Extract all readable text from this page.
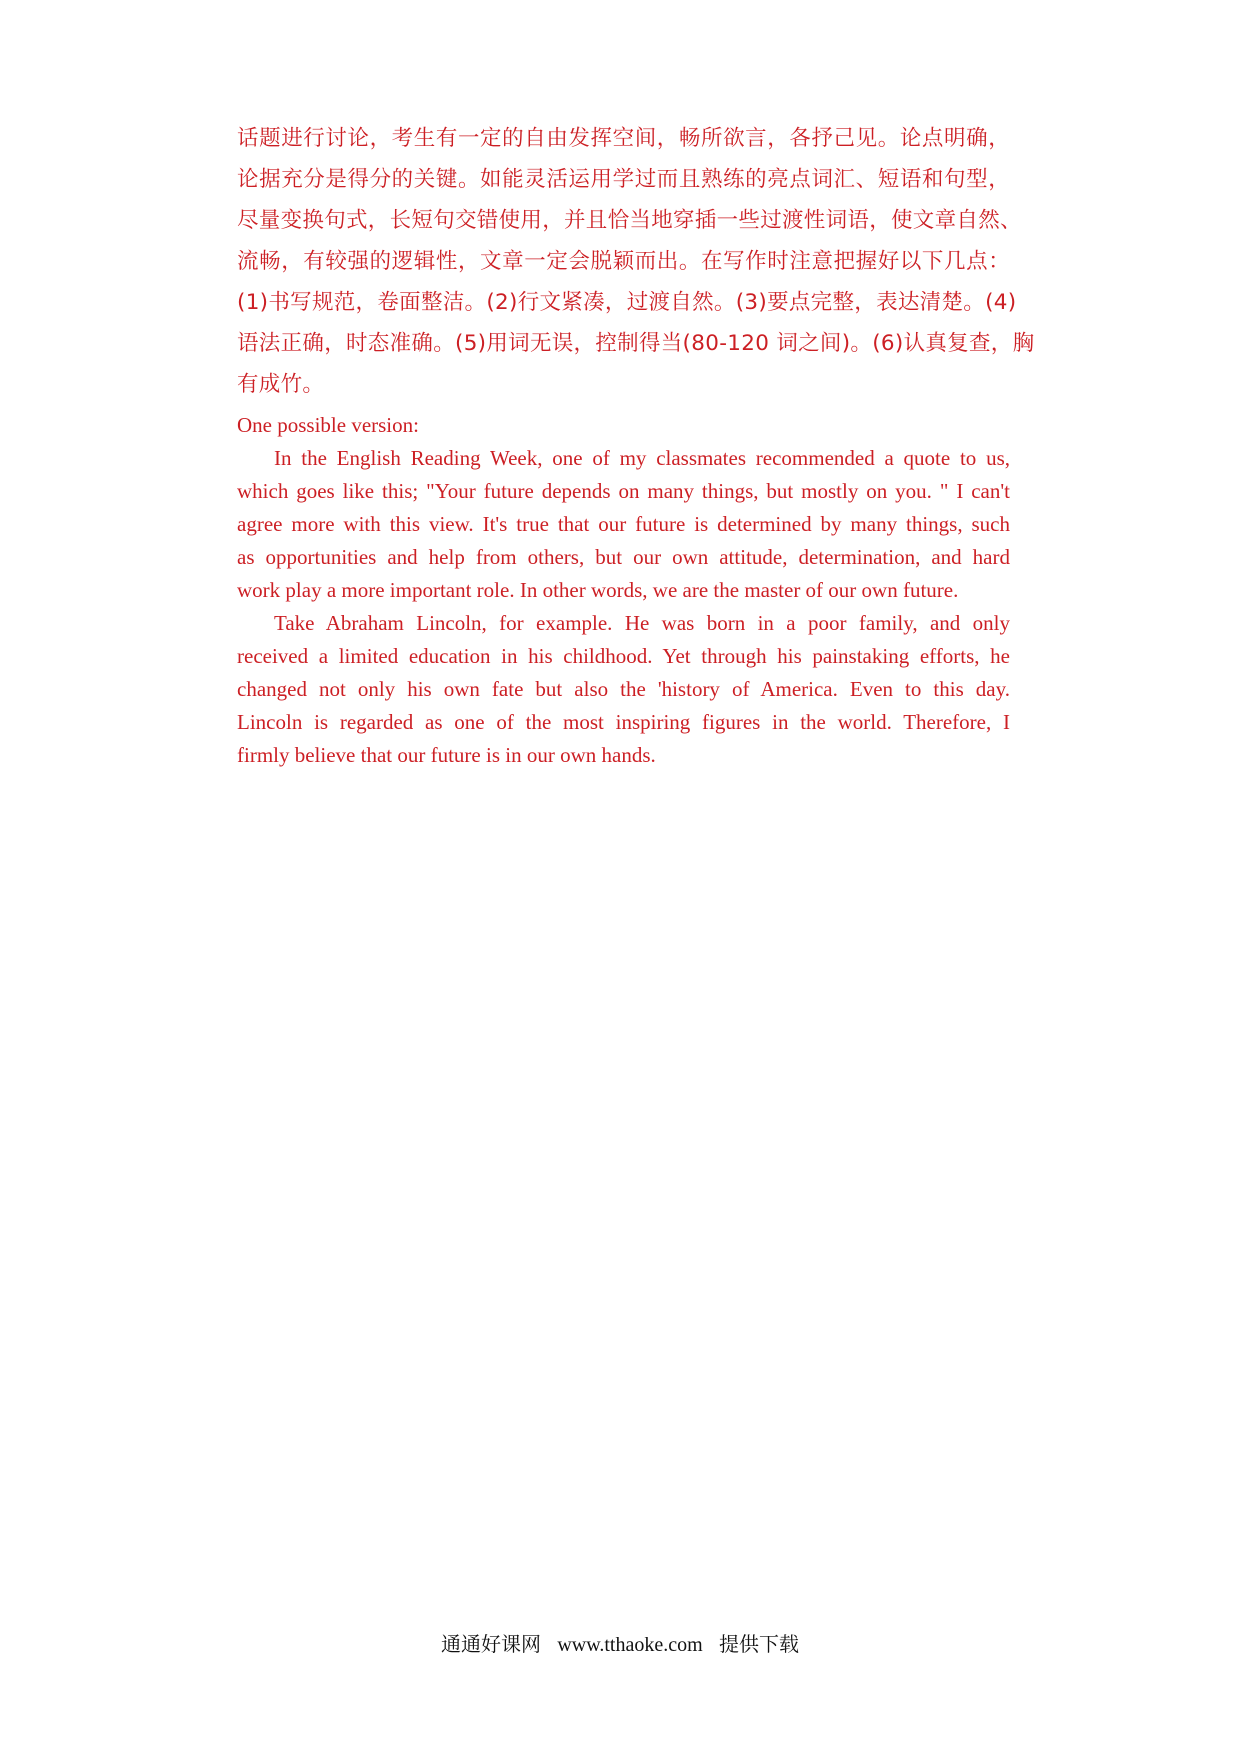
话题进行讨论，考生有一定的自由发挥空间，畅所欲言，各抒己见。论点明确，
论据充分是得分的关键。如能灵活运用学过而且熟练的亮点词汇、短语和句型，
尽量变换句式，长短句交错使用，并且恰当地穿插一些过渡性词语，使文章自然、
流畅，有较强的逻辑性，文章一定会脱颖而出。在写作时注意把握好以下几点：
(1)书写规范，卷面整洁。(2)行文紧凑，过渡自然。(3)要点完整，表达清楚。(4)
语法正确，时态准确。(5)用词无误，控制得当(80-120 词之间)。(6)认真复查，胸
有成竹。
One possible version:
In the English Reading Week, one of my classmates recommended a quote to us,
which goes like this; "Your future depends on many things, but mostly on you. " I can't
agree more with this view. It's true that our future is determined by many things, such
as opportunities and help from others, but our own attitude, determination, and hard
work play a more important role. In other words, we are the master of our own future.
Take Abraham Lincoln, for example. He was born in a poor family, and only
received a limited education in his childhood. Yet through his painstaking efforts, he
changed not only his own fate but also the 'history of America. Even to this day.
Lincoln is regarded as one of the most inspiring figures in the world. Therefore, I
firmly believe that our future is in our own hands.
通通好课网 www.tthaoke.com 提供下载
